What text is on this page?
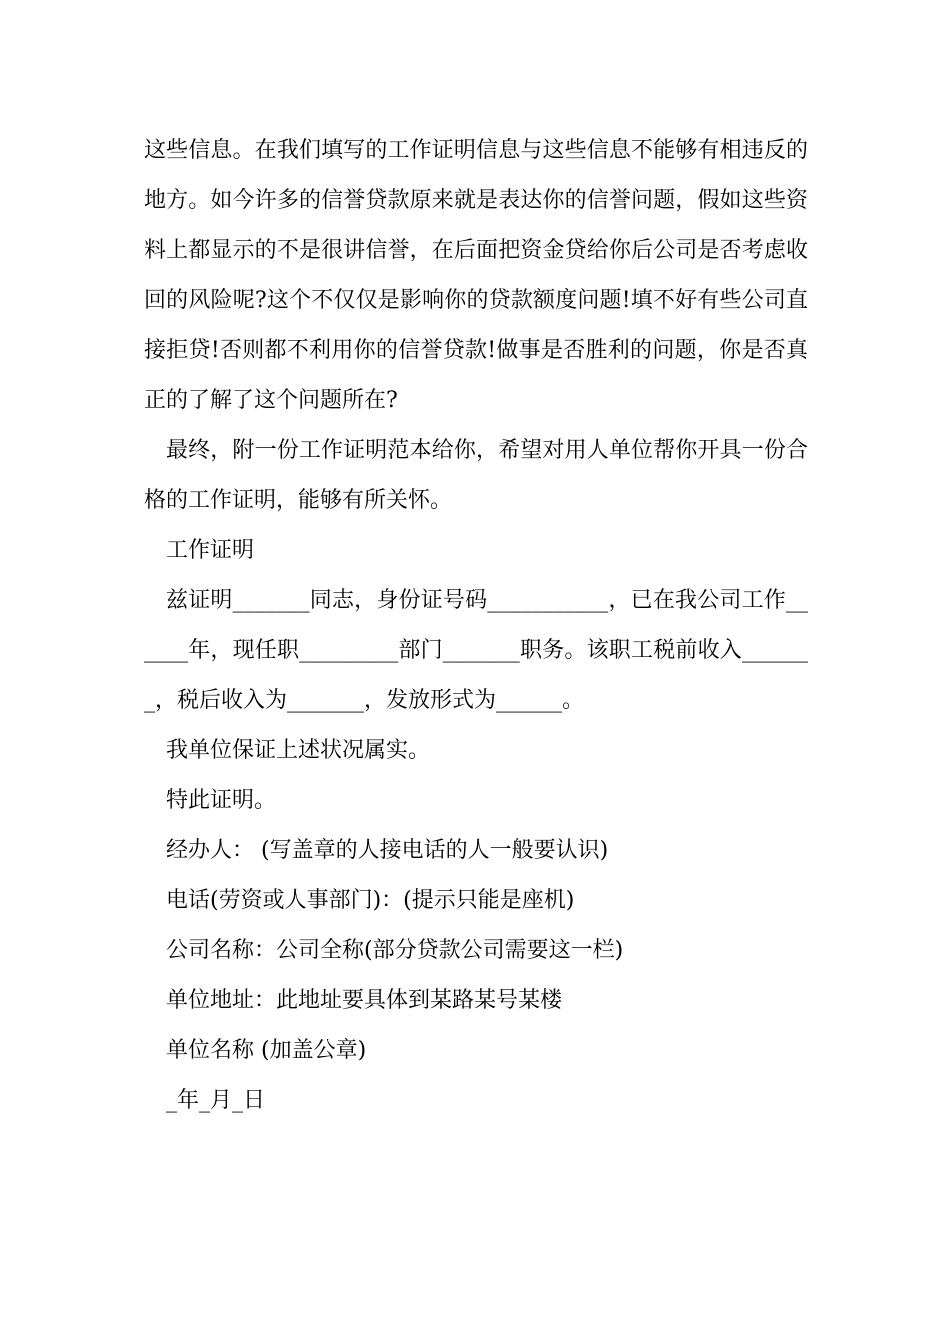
这些信息。在我们填写的工作证明信息与这些信息不能够有相违反的地方。如今许多的信誉贷款原来就是表达你的信誉问题，假如这些资料上都显示的不是很讲信誉，在后面把资金贷给你后公司是否考虑收回的风险呢?这个不仅仅是影响你的贷款额度问题!填不好有些公司直接拒贷!否则都不利用你的信誉贷款!做事是否胜利的问题，你是否真正的了解了这个问题所在?

最终，附一份工作证明范本给你，希望对用人单位帮你开具一份合格的工作证明，能够有所关怀。

工作证明

兹证明_______同志，身份证号码___________，已在我公司工作______年，现任职_________部门_______职务。该职工税前收入_______，税后收入为_______，发放形式为______。

我单位保证上述状况属实。

特此证明。

经办人： (写盖章的人接电话的人一般要认识)

电话(劳资或人事部门)：(提示只能是座机)

公司名称：公司全称(部分贷款公司需要这一栏)

单位地址：此地址要具体到某路某号某楼

单位名称 (加盖公章)

_年_月_日
